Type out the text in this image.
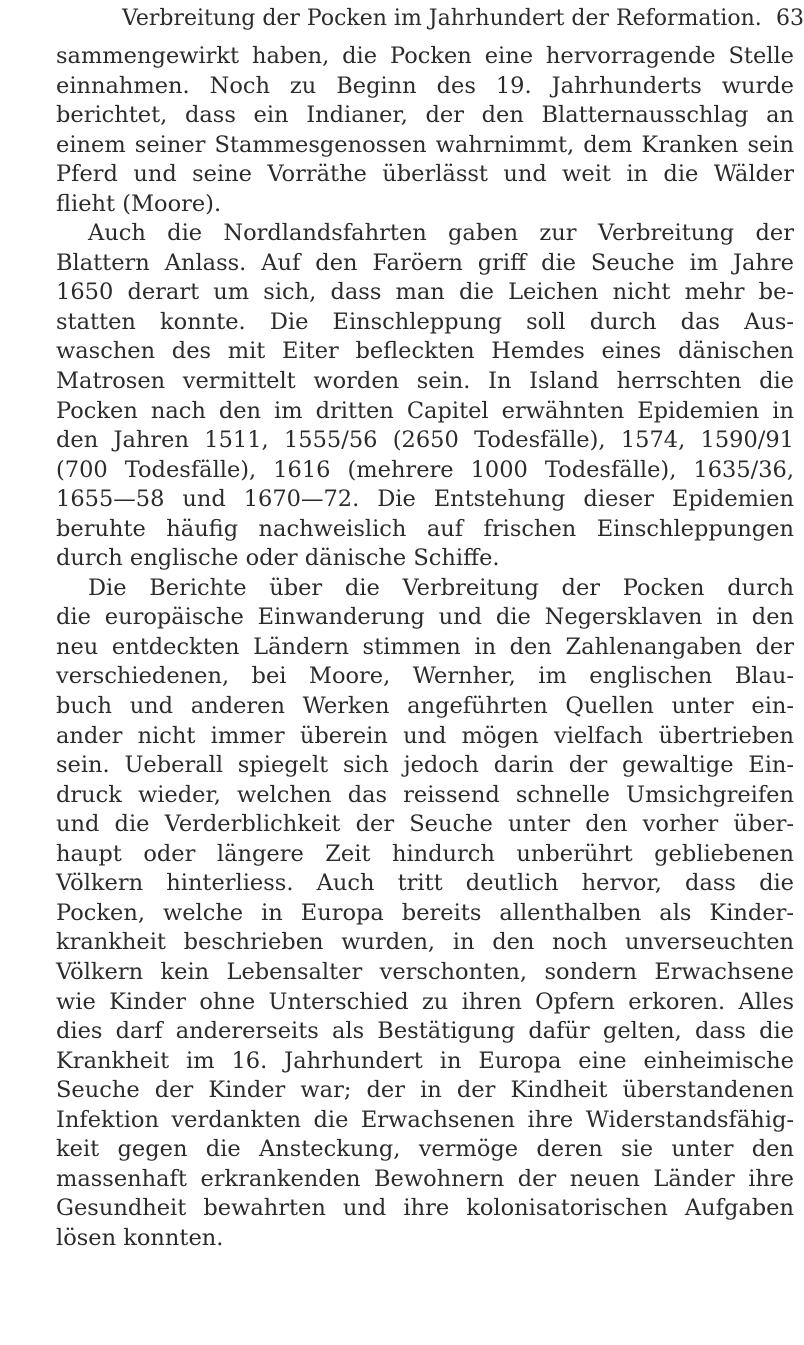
Verbreitung der Pocken im Jahrhundert der Reformation. 63
sammengewirkt haben, die Pocken eine hervorragende Stelle
einnahmen. Noch zu Beginn des 19. Jahrhunderts wurde
berichtet, dass ein Indianer, der den Blatternausschlag an
einem seiner Stammesgenossen wahrnimmt, dem Kranken sein
Pferd und seine Vorräthe überlässt und weit in die Wälder
flieht (Moore).
Auch die Nordlandsfahrten gaben zur Verbreitung der
Blattern Anlass. Auf den Faröern griff die Seuche im Jahre
1650 derart um sich, dass man die Leichen nicht mehr be-
statten konnte. Die Einschleppung soll durch das Aus-
waschen des mit Eiter befleckten Hemdes eines dänischen
Matrosen vermittelt worden sein. In Island herrschten die
Pocken nach den im dritten Capitel erwähnten Epidemien in
den Jahren 1511, 1555/56 (2650 Todesfälle), 1574, 1590/91
(700 Todesfälle), 1616 (mehrere 1000 Todesfälle), 1635/36,
1655—58 und 1670—72. Die Entstehung dieser Epidemien
beruhte häufig nachweislich auf frischen Einschleppungen
durch englische oder dänische Schiffe.
Die Berichte über die Verbreitung der Pocken durch
die europäische Einwanderung und die Negersklaven in den
neu entdeckten Ländern stimmen in den Zahlenangaben der
verschiedenen, bei Moore, Wernher, im englischen Blau-
buch und anderen Werken angeführten Quellen unter ein-
ander nicht immer überein und mögen vielfach übertrieben
sein. Ueberall spiegelt sich jedoch darin der gewaltige Ein-
druck wieder, welchen das reissend schnelle Umsichgreifen
und die Verderblichkeit der Seuche unter den vorher über-
haupt oder längere Zeit hindurch unberührt gebliebenen
Völkern hinterliess. Auch tritt deutlich hervor, dass die
Pocken, welche in Europa bereits allenthalben als Kinder-
krankheit beschrieben wurden, in den noch unverseuchten
Völkern kein Lebensalter verschonten, sondern Erwachsene
wie Kinder ohne Unterschied zu ihren Opfern erkoren. Alles
dies darf andererseits als Bestätigung dafür gelten, dass die
Krankheit im 16. Jahrhundert in Europa eine einheimische
Seuche der Kinder war; der in der Kindheit überstandenen
Infektion verdankten die Erwachsenen ihre Widerstandsfähig-
keit gegen die Ansteckung, vermöge deren sie unter den
massenhaft erkrankenden Bewohnern der neuen Länder ihre
Gesundheit bewahrten und ihre kolonisatorischen Aufgaben
lösen konnten.
